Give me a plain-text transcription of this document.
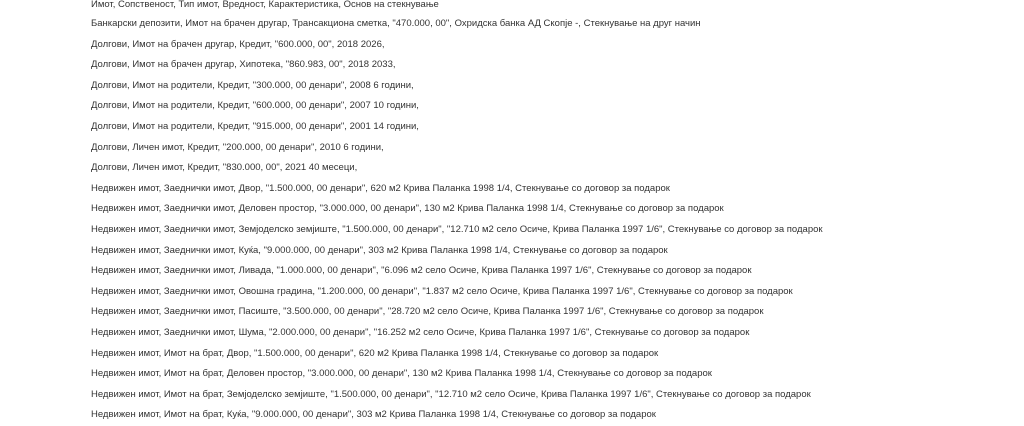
Имот, Сопственост, Тип имот, Вредност, Карактеристика, Основ на стекнување
Банкарски депозити, Имот на брачен другар, Трансакциона сметка, "470.000, 00", Охридска банка АД Скопје -, Стекнување на друг начин
Долгови, Имот на брачен другар, Кредит, "600.000, 00", 2018 2026,
Долгови, Имот на брачен другар, Хипотека, "860.983, 00", 2018 2033,
Долгови, Имот на родители, Кредит, "300.000, 00 денари", 2008 6 години,
Долгови, Имот на родители, Кредит, "600.000, 00 денари", 2007 10 години,
Долгови, Имот на родители, Кредит, "915.000, 00 денари", 2001 14 години,
Долгови, Личен имот, Кредит, "200.000, 00 денари", 2010 6 години,
Долгови, Личен имот, Кредит, "830.000, 00", 2021 40 месеци,
Недвижен имот, Заеднички имот, Двор, "1.500.000, 00 денари", 620 м2 Крива Паланка 1998 1/4, Стекнување со договор за подарок
Недвижен имот, Заеднички имот, Деловен простор, "3.000.000, 00 денари", 130 м2 Крива Паланка 1998 1/4, Стекнување со договор за подарок
Недвижен имот, Заеднички имот, Земјоделско земјиште, "1.500.000, 00 денари", "12.710 м2 село Осиче, Крива Паланка 1997 1/6", Стекнување со договор за подарок
Недвижен имот, Заеднички имот, Куќа, "9.000.000, 00 денари", 303 м2 Крива Паланка 1998 1/4, Стекнување со договор за подарок
Недвижен имот, Заеднички имот, Ливада, "1.000.000, 00 денари", "6.096 м2 село Осиче, Крива Паланка 1997 1/6", Стекнување со договор за подарок
Недвижен имот, Заеднички имот, Овошна градина, "1.200.000, 00 денари", "1.837 м2 село Осиче, Крива Паланка 1997 1/6", Стекнување со договор за подарок
Недвижен имот, Заеднички имот, Пасиште, "3.500.000, 00 денари", "28.720 м2 село Осиче, Крива Паланка 1997 1/6", Стекнување со договор за подарок
Недвижен имот, Заеднички имот, Шума, "2.000.000, 00 денари", "16.252 м2 село Осиче, Крива Паланка 1997 1/6", Стекнување со договор за подарок
Недвижен имот, Имот на брат, Двор, "1.500.000, 00 денари", 620 м2 Крива Паланка 1998 1/4, Стекнување со договор за подарок
Недвижен имот, Имот на брат, Деловен простор, "3.000.000, 00 денари", 130 м2 Крива Паланка 1998 1/4, Стекнување со договор за подарок
Недвижен имот, Имот на брат, Земјоделско земјиште, "1.500.000, 00 денари", "12.710 м2 село Осиче, Крива Паланка 1997 1/6", Стекнување со договор за подарок
Недвижен имот, Имот на брат, Куќа, "9.000.000, 00 денари", 303 м2 Крива Паланка 1998 1/4, Стекнување со договор за подарок
